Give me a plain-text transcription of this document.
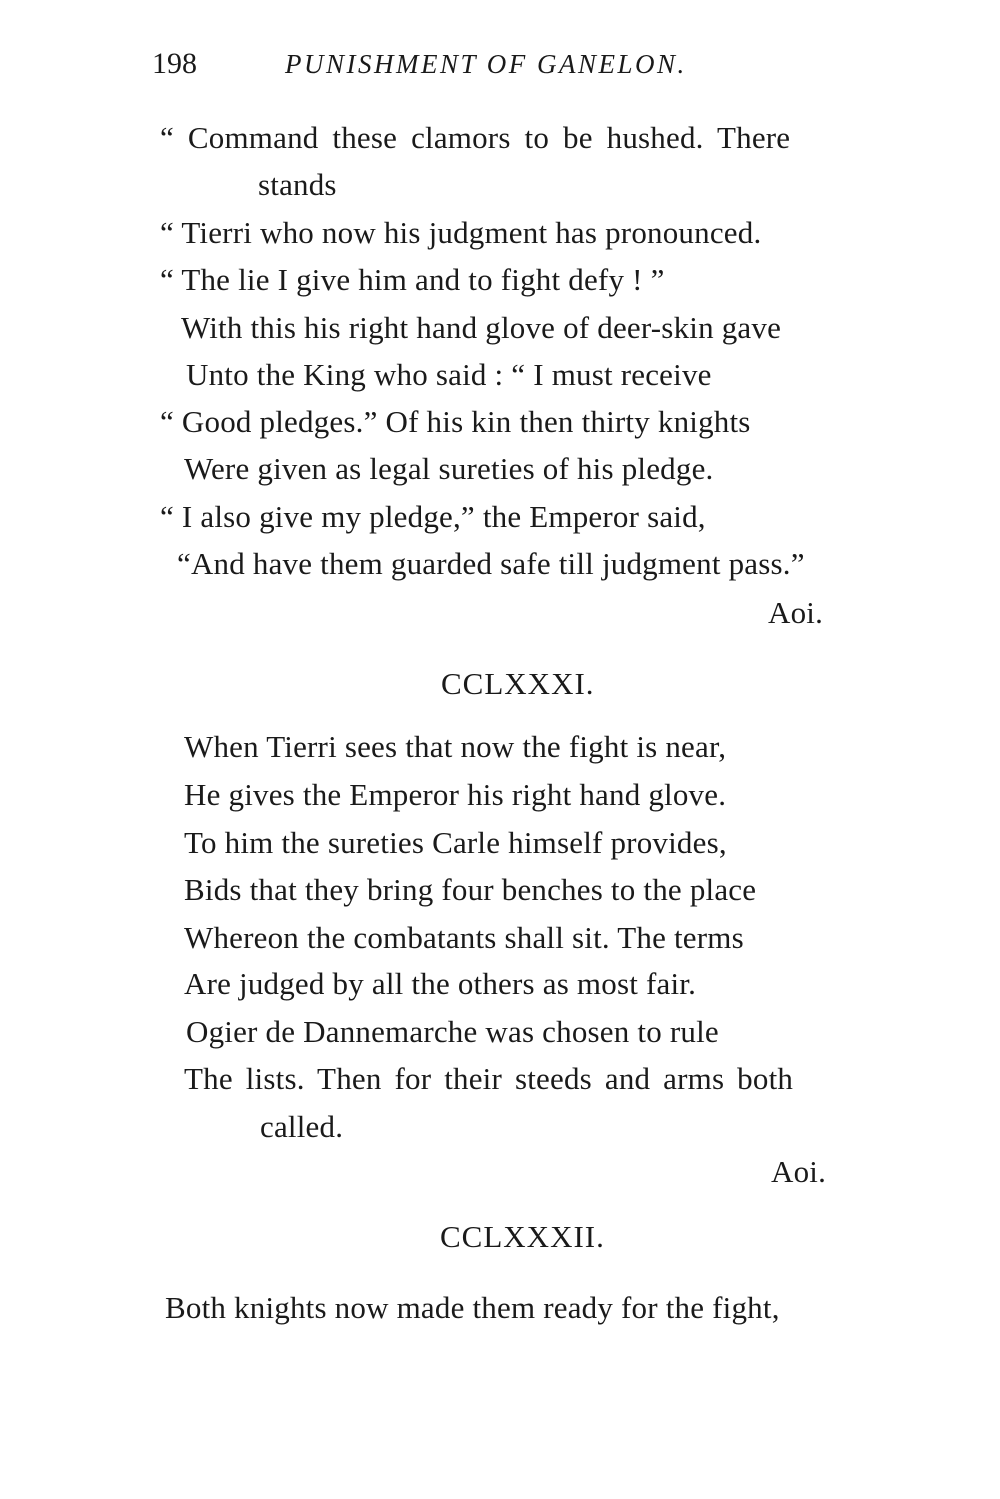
198	PUNISHMENT OF GANELON.
“ Command these clamors to be hushed. There
stands
“ Tierri who now his judgment has pronounced.
“ The lie I give him and to fight defy ! ”
With this his right hand glove of deer-skin gave
Unto the King who said : “ I must receive
“ Good pledges.” Of his kin then thirty knights
Were given as legal sureties of his pledge.
“ I also give my pledge,” the Emperor said,
“And have them guarded safe till judgment pass.”
Aoi.
CCLXXXI.
When Tierri sees that now the fight is near,
He gives the Emperor his right hand glove.
To him the sureties Carle himself provides,
Bids that they bring four benches to the place
Whereon the combatants shall sit. The terms
Are judged by all the others as most fair.
Ogier de Dannemarche was chosen to rule
The lists. Then for their steeds and arms both
called.
Aoi.
CCLXXXII.
Both knights now made them ready for the fight,
